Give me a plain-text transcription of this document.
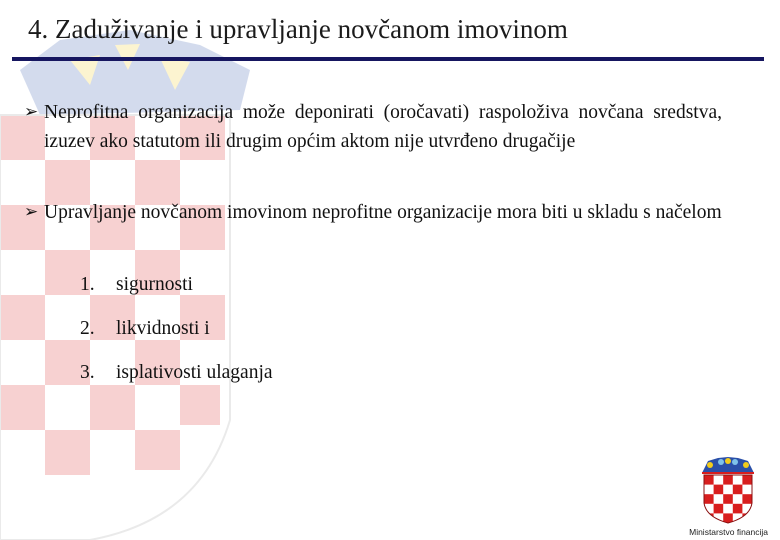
4. Zaduživanje i upravljanje novčanom imovinom
➢ Neprofitna organizacija može deponirati (oročavati) raspoloživa novčana sredstva, izuzev ako statutom ili drugim općim aktom nije utvrđeno drugačije
➢ Upravljanje novčanom imovinom neprofitne organizacije mora biti u skladu s načelom
1. sigurnosti
2. likvidnosti i
3. isplativosti ulaganja
Ministarstvo financija
